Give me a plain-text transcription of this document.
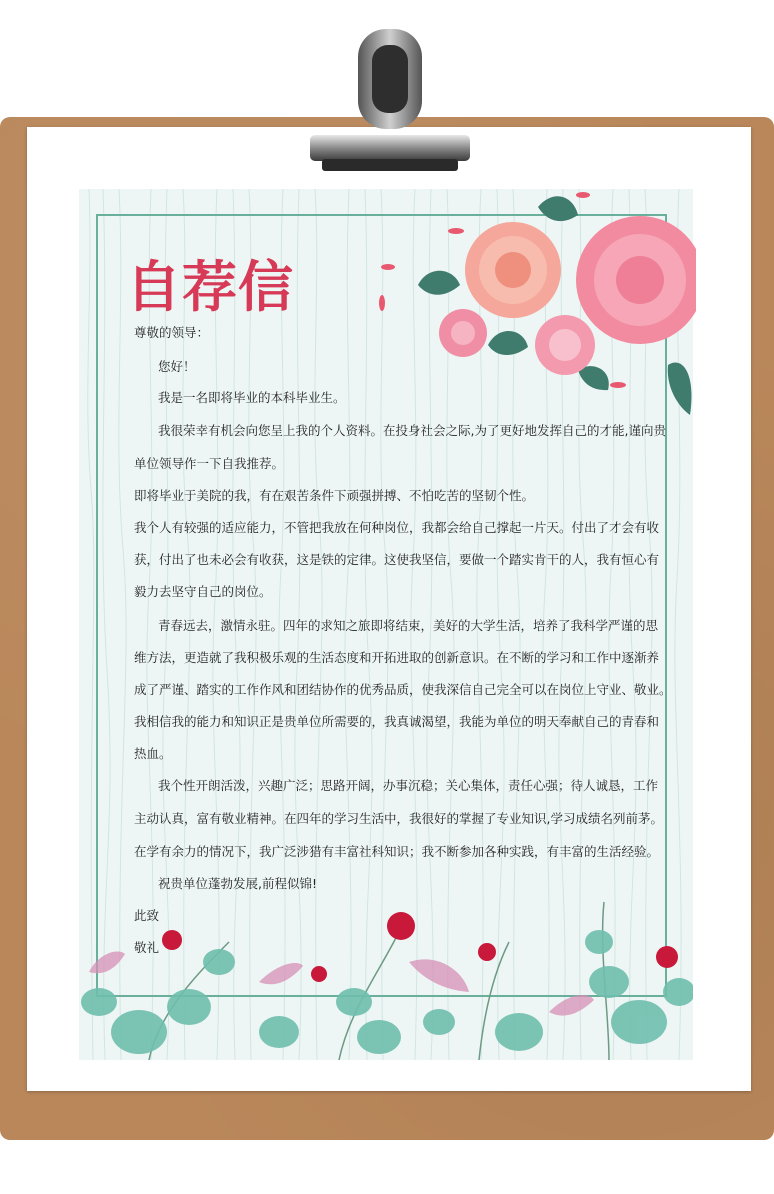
自荐信
尊敬的领导：
您好！
我是一名即将毕业的本科毕业生。
我很荣幸有机会向您呈上我的个人资料。在投身社会之际,为了更好地发挥自己的才能,谨向贵
单位领导作一下自我推荐。
即将毕业于美院的我，有在艰苦条件下顽强拼搏、不怕吃苦的坚韧个性。
我个人有较强的适应能力，不管把我放在何种岗位，我都会给自己撑起一片天。付出了才会有收
获，付出了也未必会有收获，这是铁的定律。这使我坚信，要做一个踏实肯干的人，我有恒心有
毅力去坚守自己的岗位。
青春远去，激情永驻。四年的求知之旅即将结束，美好的大学生活，培养了我科学严谨的思
维方法，更造就了我积极乐观的生活态度和开拓进取的创新意识。在不断的学习和工作中逐渐养
成了严谨、踏实的工作作风和团结协作的优秀品质，使我深信自己完全可以在岗位上守业、敬业。
我相信我的能力和知识正是贵单位所需要的，我真诚渴望，我能为单位的明天奉献自己的青春和
热血。
我个性开朗活泼，兴趣广泛；思路开阔，办事沉稳；关心集体，责任心强；待人诚恳，工作
主动认真，富有敬业精神。在四年的学习生活中，我很好的掌握了专业知识,学习成绩名列前茅。
在学有余力的情况下，我广泛涉猎有丰富社科知识；我不断参加各种实践，有丰富的生活经验。
祝贵单位蓬勃发展,前程似锦!
此致
敬礼
